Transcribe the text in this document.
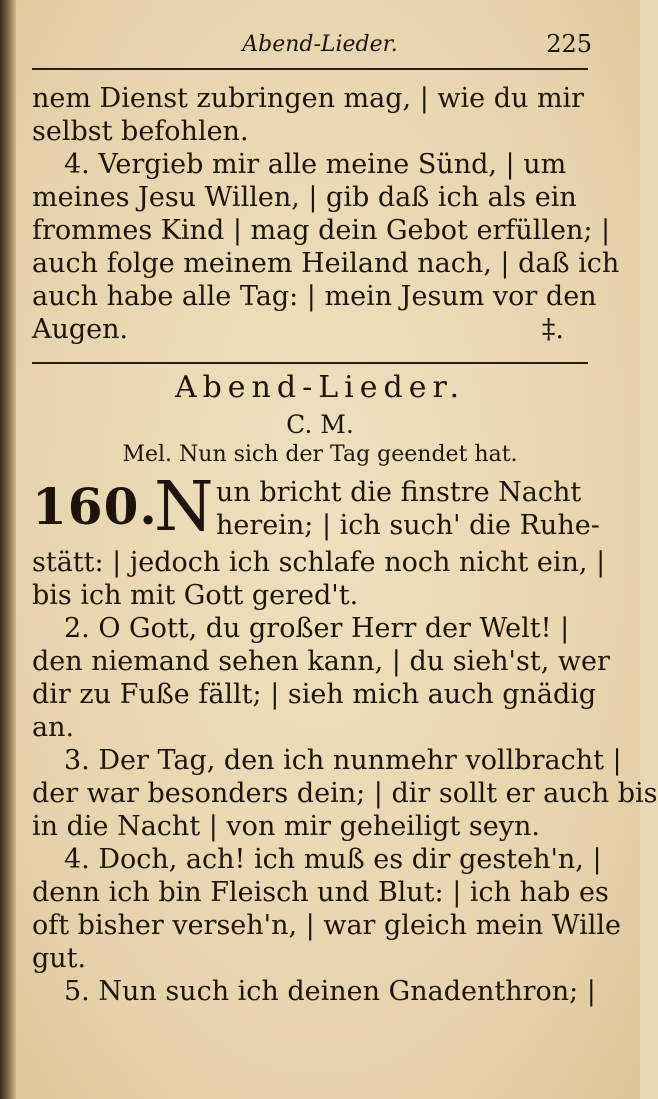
Abend-Lieder.	225
nem Dienst zubringen mag, | wie du mir
selbst befohlen.
4. Vergieb mir alle meine Sünd, | um
meines Jesu Willen, | gib daß ich als ein
frommes Kind | mag dein Gebot erfüllen; |
auch folge meinem Heiland nach, | daß ich
auch habe alle Tag: | mein Jesum vor den
Augen.	‡.
Abend-Lieder.
C. M.
Mel. Nun sich der Tag geendet hat.
160.
N un bricht die finstre Nacht
herein; | ich such' die Ruhe-
stätt: | jedoch ich schlafe noch nicht ein, |
bis ich mit Gott gered't.
2. O Gott, du großer Herr der Welt! |
den niemand sehen kann, | du sieh'st, wer
dir zu Fuße fällt; | sieh mich auch gnädig
an.
3. Der Tag, den ich nunmehr vollbracht |
der war besonders dein; | dir sollt er auch bis
in die Nacht | von mir geheiligt seyn.
4. Doch, ach! ich muß es dir gesteh'n, |
denn ich bin Fleisch und Blut: | ich hab es
oft bisher verseh'n, | war gleich mein Wille
gut.
5. Nun such ich deinen Gnadenthron; |
